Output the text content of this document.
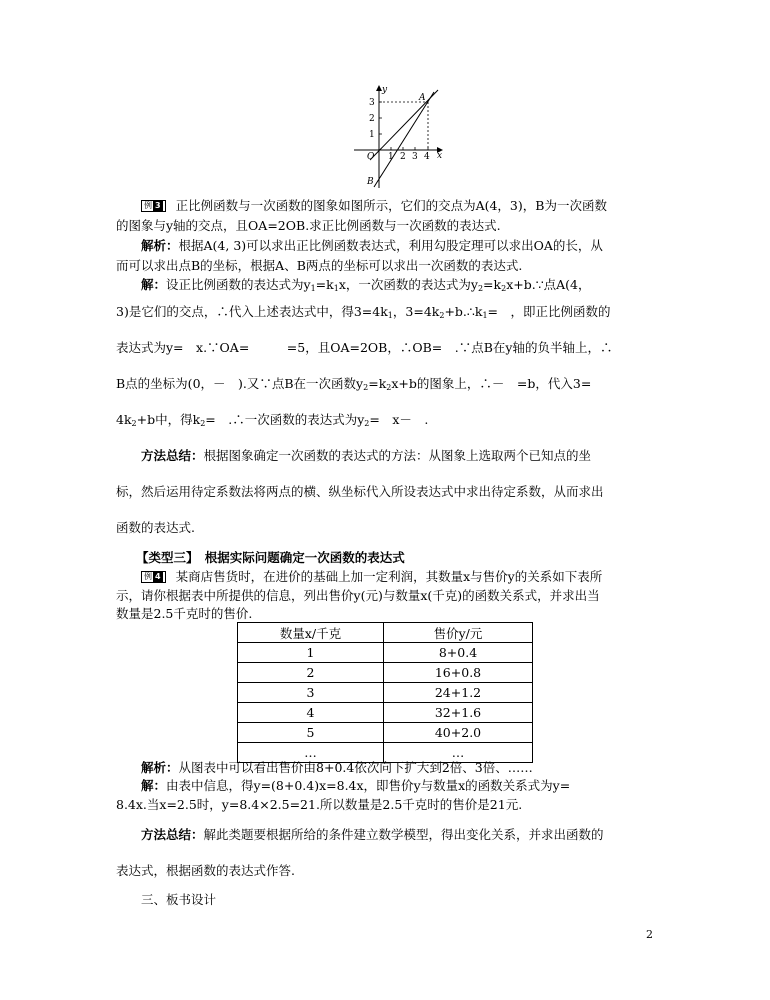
y
x
O
A
B
3
2
1
1 2 3 4
例 3 正比例函数与一次函数的图象如图所示，它们的交点为A(4，3)，B为一次函数
的图象与y轴的交点，且OA=2OB.求正比例函数与一次函数的表达式.
解析：根据A(4, 3)可以求出正比例函数表达式，利用勾股定理可以求出OA的长，从
而可以求出点B的坐标，根据A、B两点的坐标可以求出一次函数的表达式.
解：设正比例函数的表达式为$y_1=k_1x$，一次函数的表达式为$y_2=k_2x+b.\because$点A(4，
3)是它们的交点，∴代入上述表达式中，得$3=4k_1$，$3=4k_2+b.\therefore k_1=$　，即正比例函数的
表达式为y=　x.∵OA=　　　=5，且OA=2OB，∴OB=　.∵点B在y轴的负半轴上，∴
B点的坐标为(0，－　).又∵点B在一次函数$y_2=k_2x+b$的图象上，∴－　=b，代入3=
$4k_2+b$中，得$k_2=$　.∴一次函数的表达式为$y_2=$　x－　.
方法总结：根据图象确定一次函数的表达式的方法：从图象上选取两个已知点的坐
标，然后运用待定系数法将两点的横、纵坐标代入所设表达式中求出待定系数，从而求出
函数的表达式.
【类型三】　根据实际问题确定一次函数的表达式
例 4 某商店售货时，在进价的基础上加一定利润，其数量x与售价y的关系如下表所
示，请你根据表中所提供的信息，列出售价y(元)与数量x(千克)的函数关系式，并求出当
数量是2.5千克时的售价.
数量x/千克	售价y/元
1	8+0.4
2	16+0.8
3	24+1.2
4	32+1.6
5	40+2.0
…	…
解析：从图表中可以看出售价由8+0.4依次向下扩大到2倍、3倍、……
解：由表中信息，得y=(8+0.4)x=8.4x，即售价y与数量x的函数关系式为y=
8.4x.当x=2.5时，y=8.4×2.5=21.所以数量是2.5千克时的售价是21元.
方法总结：解此类题要根据所给的条件建立数学模型，得出变化关系，并求出函数的
表达式，根据函数的表达式作答.
三、板书设计
2
